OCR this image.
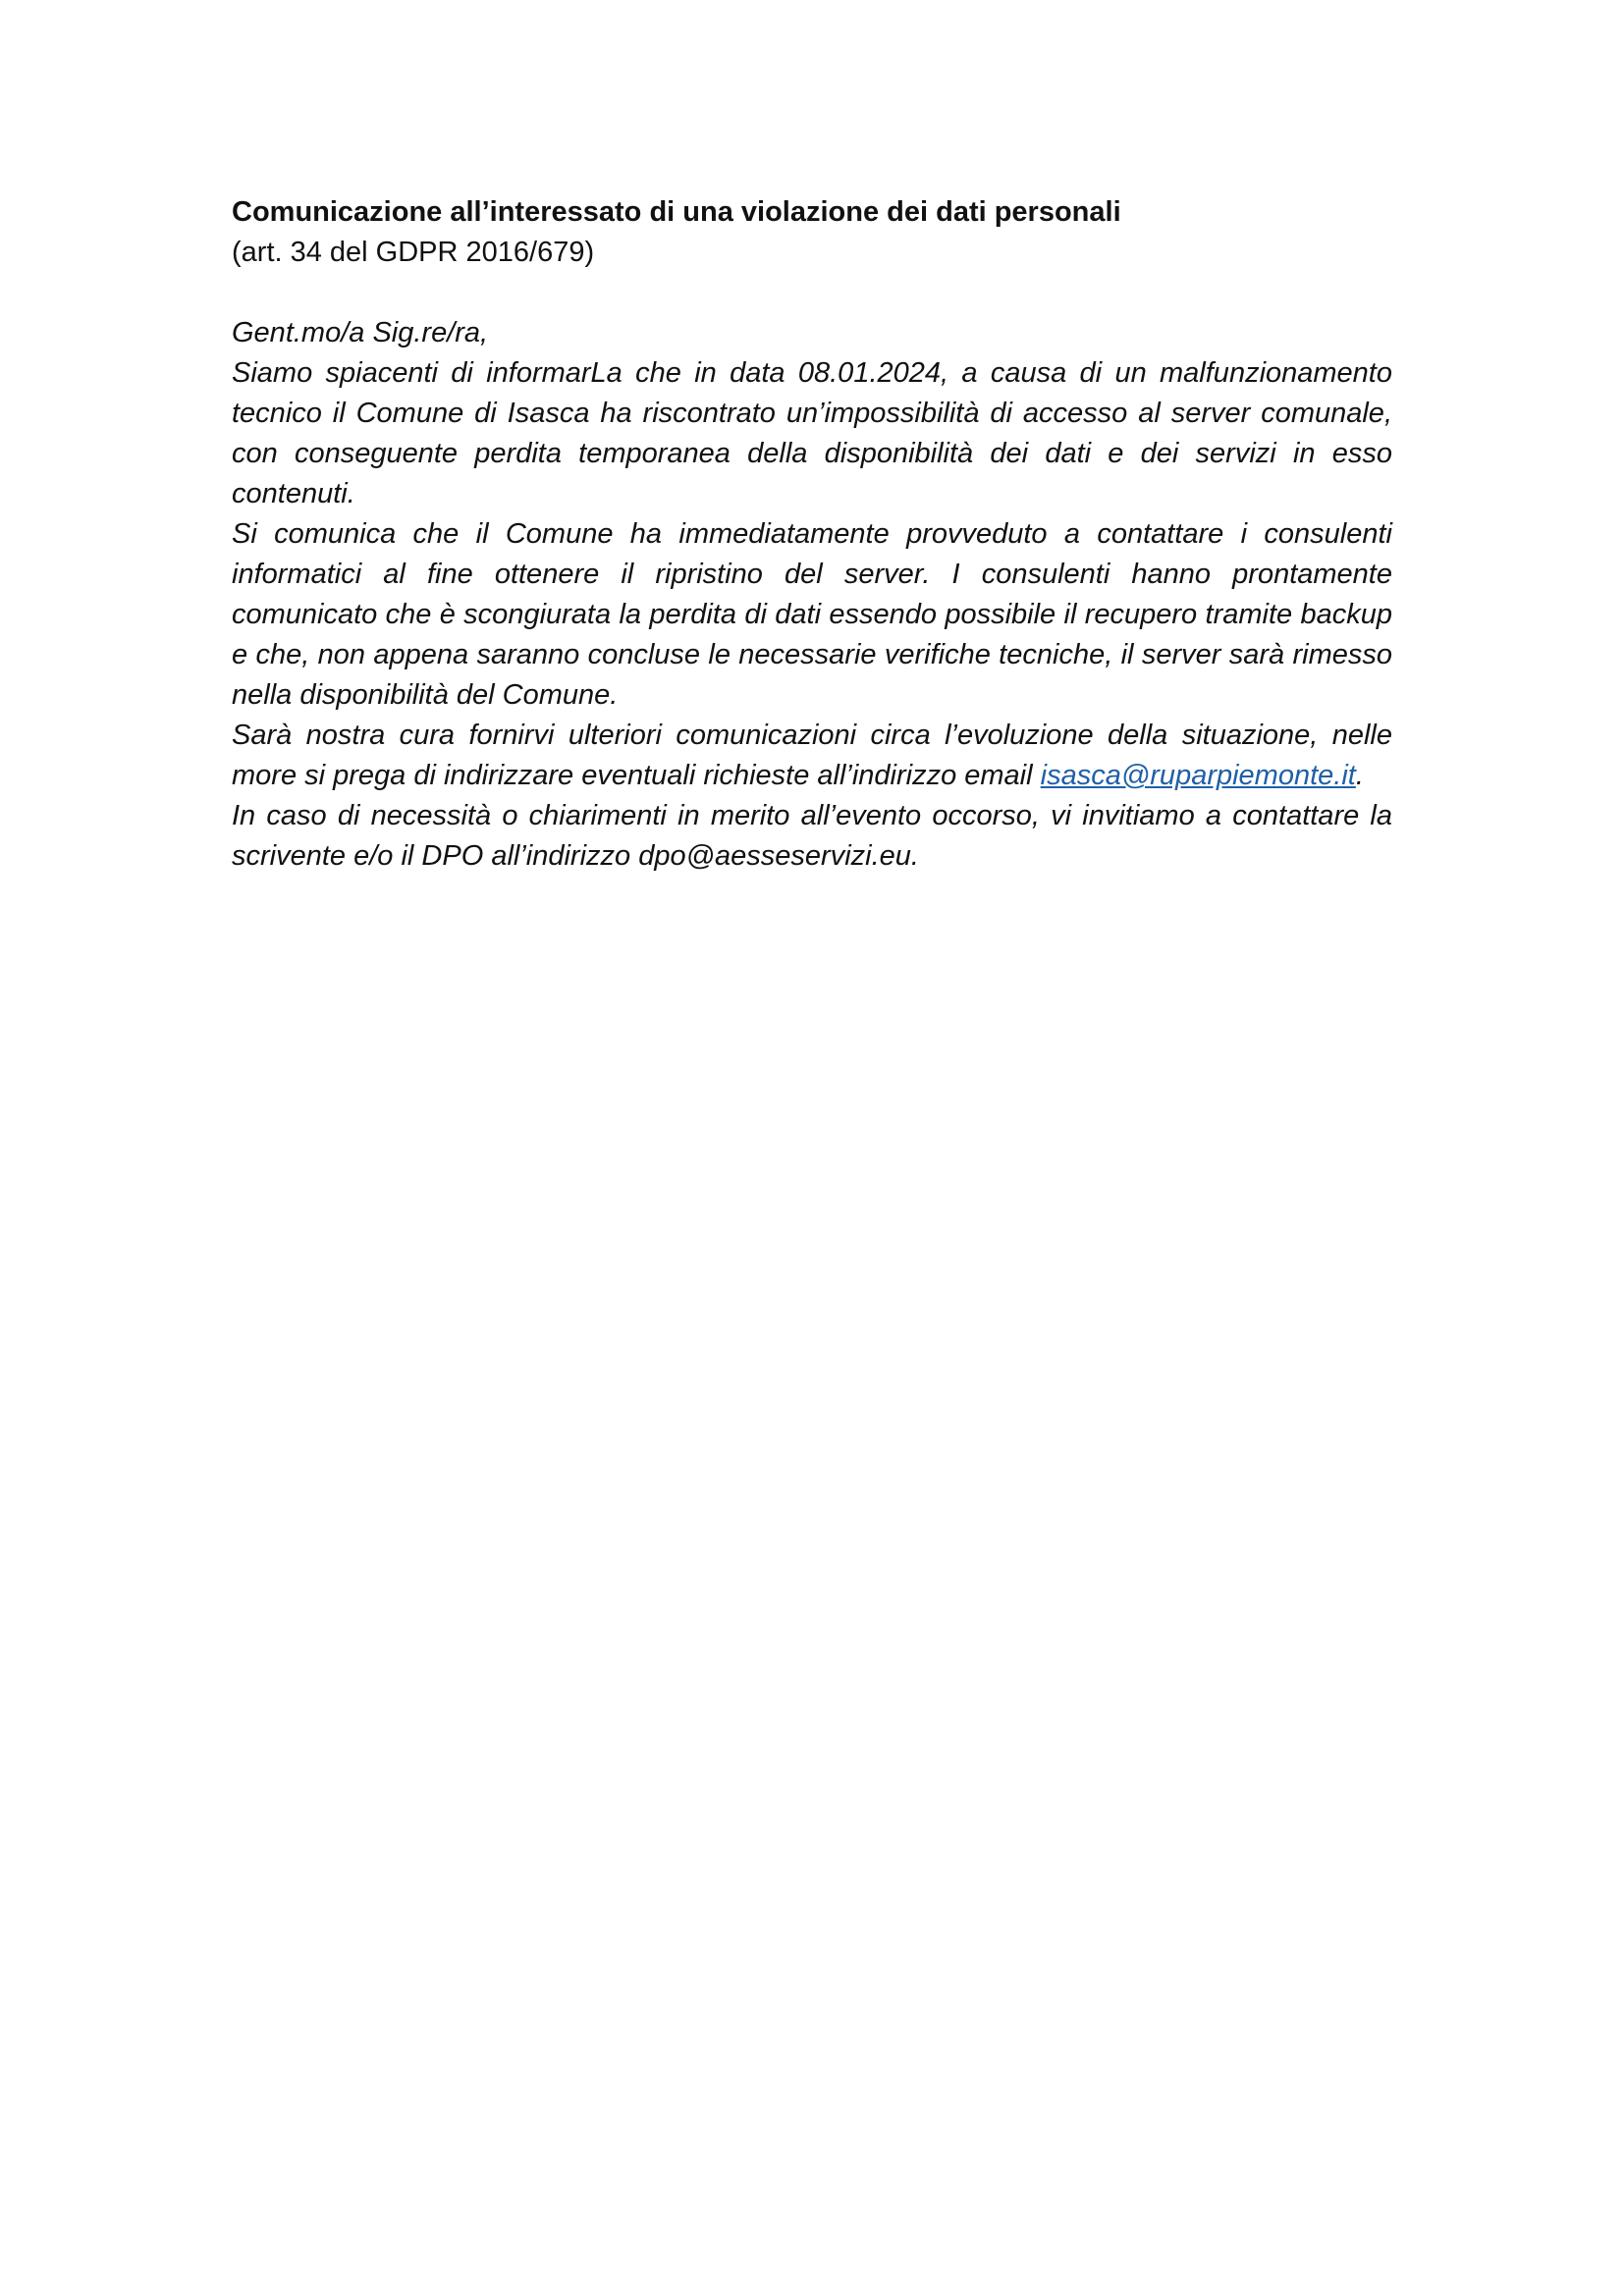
Comunicazione all’interessato di una violazione dei dati personali

(art. 34 del GDPR 2016/679)

Gent.mo/a Sig.re/ra,

Siamo spiacenti di informarLa che in data 08.01.2024, a causa di un malfunzionamento tecnico il Comune di Isasca ha riscontrato un’impossibilità di accesso al server comunale, con conseguente perdita temporanea della disponibilità dei dati e dei servizi in esso contenuti.

Si comunica che il Comune ha immediatamente provveduto a contattare i consulenti informatici al fine ottenere il ripristino del server. I consulenti hanno prontamente comunicato che è scongiurata la perdita di dati essendo possibile il recupero tramite backup e che, non appena saranno concluse le necessarie verifiche tecniche, il server sarà rimesso nella disponibilità del Comune.

Sarà nostra cura fornirvi ulteriori comunicazioni circa l’evoluzione della situazione, nelle more si prega di indirizzare eventuali richieste all’indirizzo email isasca@ruparpiemonte.it.

In caso di necessità o chiarimenti in merito all’evento occorso, vi invitiamo a contattare la scrivente e/o il DPO all’indirizzo dpo@aesseservizi.eu.
